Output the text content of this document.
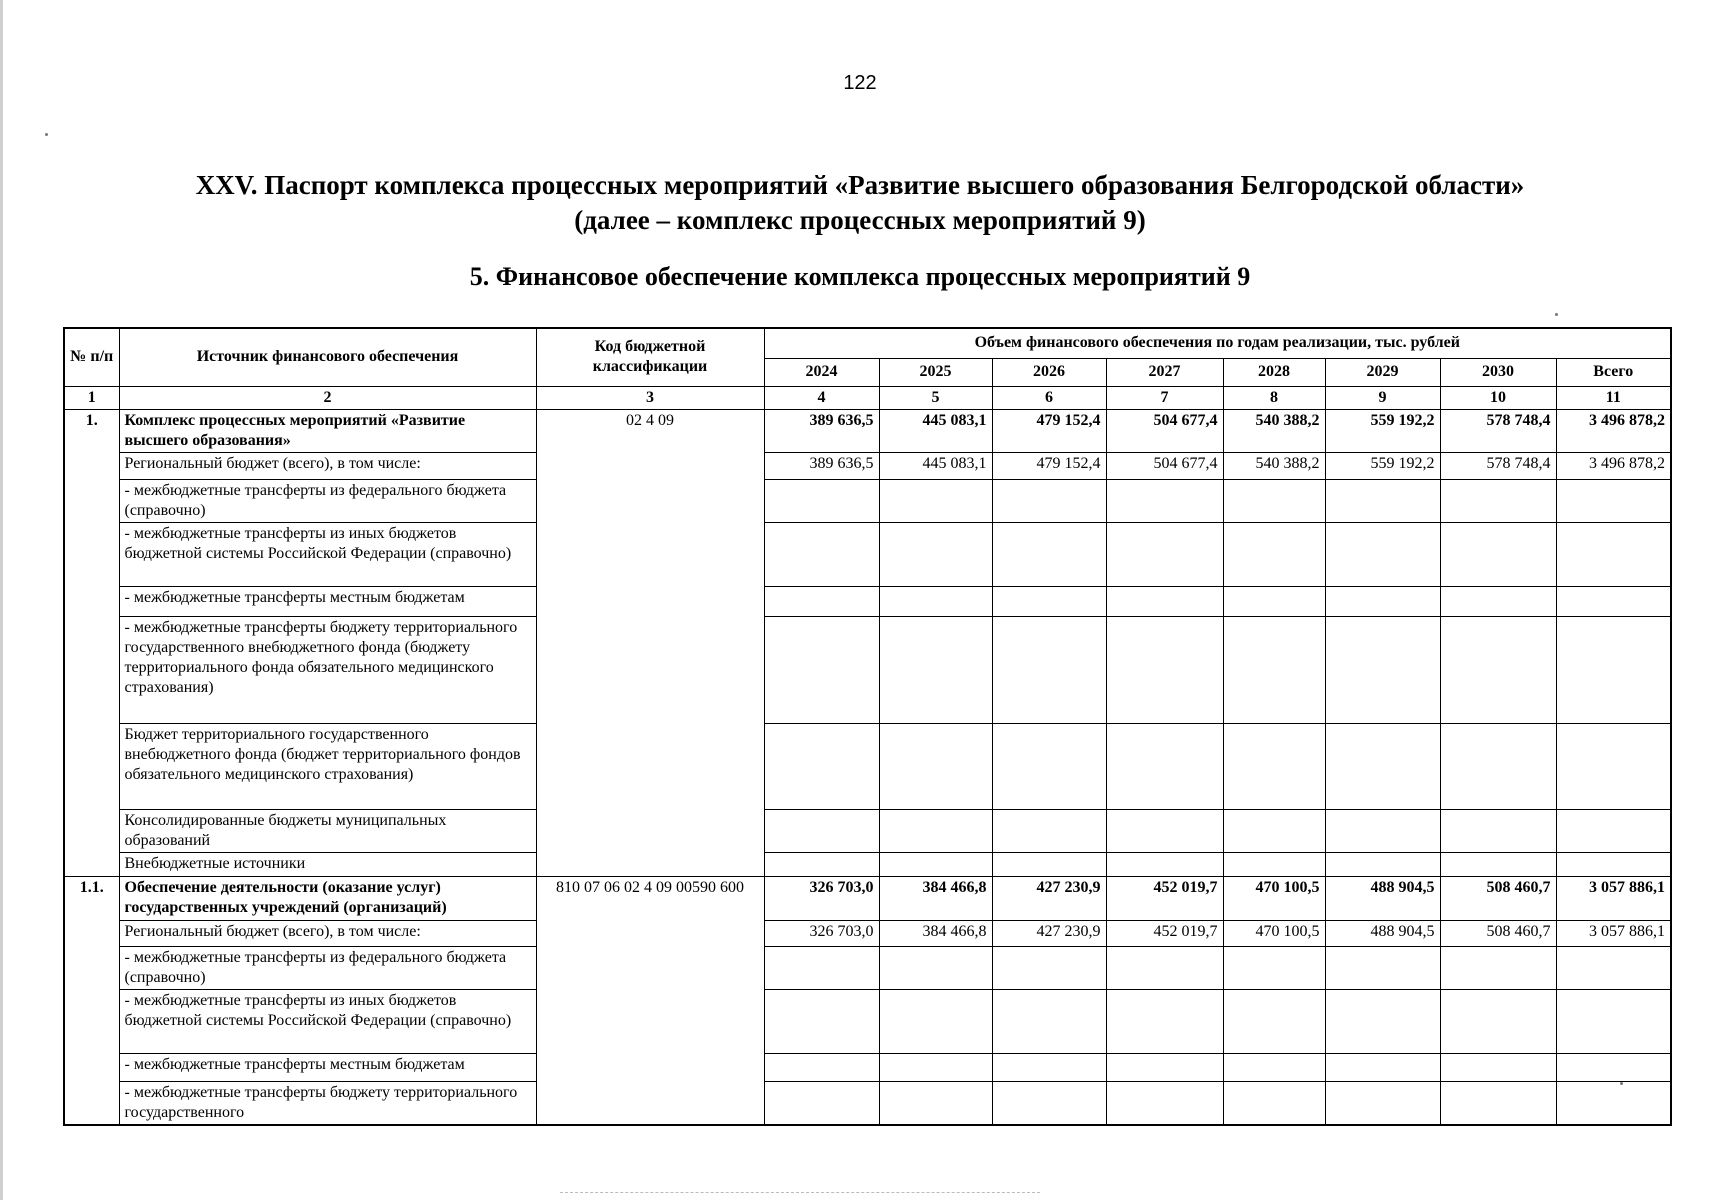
122
XXV. Паспорт комплекса процессных мероприятий «Развитие высшего образования Белгородской области»
(далее – комплекс процессных мероприятий 9)
5. Финансовое обеспечение комплекса процессных мероприятий 9
№ п/п	Источник финансового обеспечения	Код бюджетной классификации	Объем финансового обеспечения по годам реализации, тыс. рублей							
			2024	2025	2026	2027	2028	2029	2030	Всего
1	2	3	4	5	6	7	8	9	10	11
1.	Комплекс процессных мероприятий «Развитие высшего образования»	02 4 09	389 636,5	445 083,1	479 152,4	504 677,4	540 388,2	559 192,2	578 748,4	3 496 878,2
	Региональный бюджет (всего), в том числе:		389 636,5	445 083,1	479 152,4	504 677,4	540 388,2	559 192,2	578 748,4	3 496 878,2
	- межбюджетные трансферты из федерального бюджета (справочно)									
	- межбюджетные трансферты из иных бюджетов бюджетной системы Российской Федерации (справочно)									
	- межбюджетные трансферты местным бюджетам									
	- межбюджетные трансферты бюджету территориального государственного внебюджетного фонда (бюджету территориального фонда обязательного медицинского страхования)									
	Бюджет территориального государственного внебюджетного фонда (бюджет территориального фондов обязательного медицинского страхования)									
	Консолидированные бюджеты муниципальных образований									
	Внебюджетные источники									
1.1.	Обеспечение деятельности (оказание услуг) государственных учреждений (организаций)	810 07 06 02 4 09 00590 600	326 703,0	384 466,8	427 230,9	452 019,7	470 100,5	488 904,5	508 460,7	3 057 886,1
	Региональный бюджет (всего), в том числе:		326 703,0	384 466,8	427 230,9	452 019,7	470 100,5	488 904,5	508 460,7	3 057 886,1
	- межбюджетные трансферты из федерального бюджета (справочно)									
	- межбюджетные трансферты из иных бюджетов бюджетной системы Российской Федерации (справочно)									
	- межбюджетные трансферты местным бюджетам									
	- межбюджетные трансферты бюджету территориального государственного									
